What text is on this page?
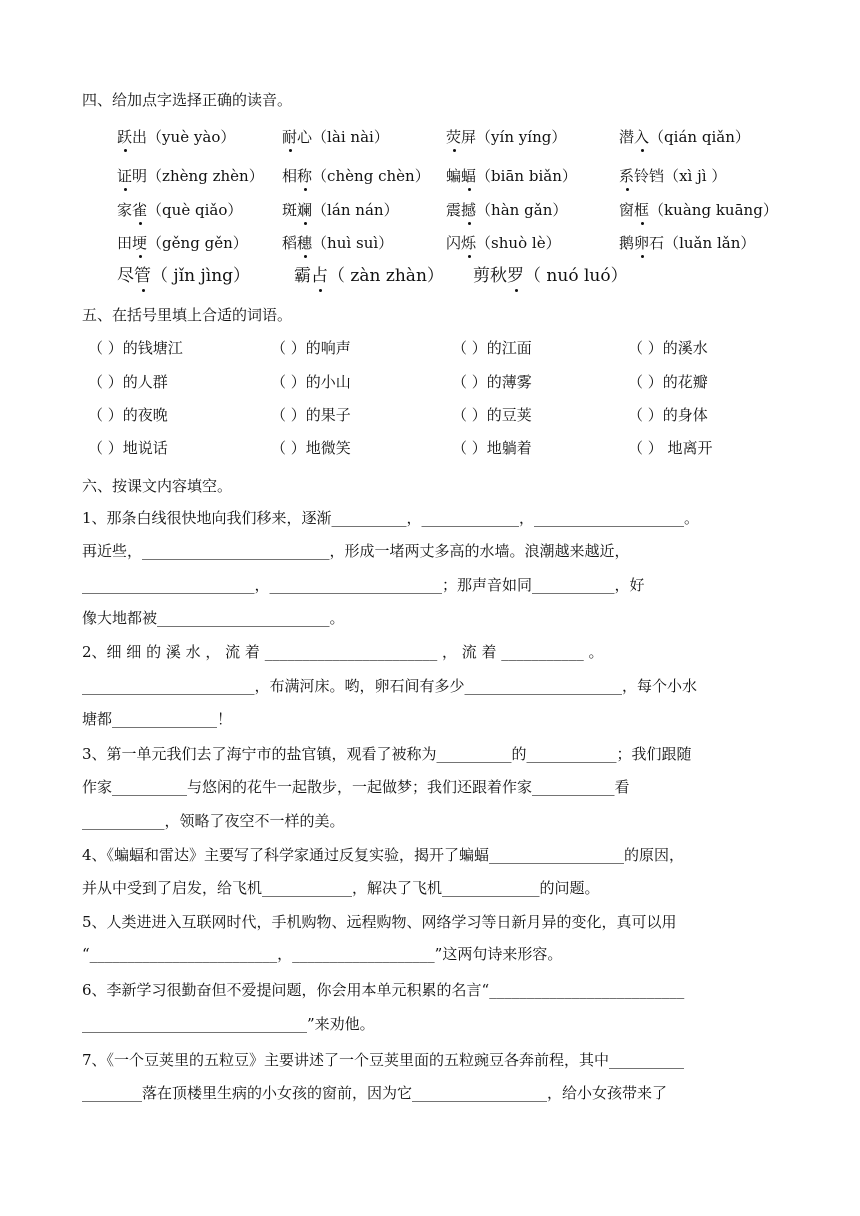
四、给加点字选择正确的读音。
跃出（yuè yào）	耐心（lài nài）	荧屏（yín yíng）	潜入（qián qiǎn）
证明（zhèng zhèn） 相称（chèng chèn） 蝙蝠（biān biǎn）	系铃铛（xì jì ）
家雀（què qiǎo）	斑斓（lán nán）	震撼（hàn gǎn）	窗框（kuàng kuāng）
田埂（gěng gěn） 稻穗（huì suì）	闪烁（shuò lè）	鹅卵石（luǎn lǎn）
尽管（ jǐn jìng）	霸占（ zàn zhàn） 剪秋罗（ nuó luó）
五、在括号里填上合适的词语。
（ ）的钱塘江	（ ）的响声	（ ）的江面	（ ）的溪水
（ ）的人群	（ ）的小山	（ ）的薄雾	（ ）的花瓣
（ ）的夜晚	（ ）的果子	（ ）的豆荚	（ ）的身体
（ ）地说话	（ ）地微笑	（ ）地躺着	（ ） 地离开
六、按课文内容填空。
1、那条白线很快地向我们移来，逐渐__________，_____________，____________________。
再近些，_________________________，形成一堵两丈多高的水墙。浪潮越来越近，
_______________________，_______________________；那声音如同___________，好
像大地都被_______________________。
2、细 细 的 溪 水 ， 流 着 _______________________ ， 流 着 ___________ 。
_______________________，布满河床。哟，卵石间有多少_____________________，每个小水
塘都______________！
3、第一单元我们去了海宁市的盐官镇，观看了被称为__________的____________；我们跟随
作家__________与悠闲的花牛一起散步，一起做梦；我们还跟着作家___________看
___________，领略了夜空不一样的美。
4、《蝙蝠和雷达》主要写了科学家通过反复实验，揭开了蝙蝠__________________的原因，
并从中受到了启发，给飞机____________，解决了飞机_____________的问题。
5、人类进进入互联网时代，手机购物、远程购物、网络学习等日新月异的变化，真可以用
“_________________________，___________________”这两句诗来形容。
6、李新学习很勤奋但不爱提问题，你会用本单元积累的名言“__________________________
______________________________”来劝他。
7、《一个豆荚里的五粒豆》主要讲述了一个豆荚里面的五粒豌豆各奔前程，其中__________
________落在顶楼里生病的小女孩的窗前，因为它__________________，给小女孩带来了
